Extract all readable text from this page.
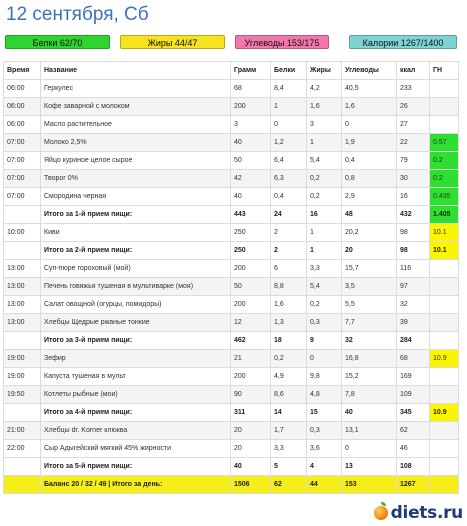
12 сентября, Сб
Белки 62/70	Жиры 44/47	Углеводы 153/175	Калории 1267/1400
Время	Название	Грамм	Белки	Жиры	Углеводы	ккал	ГН
06:00	Геркулес	68	8,4	4,2	40,5	233	
06:00	Кофе заварной с молоком	200	1	1,6	1,6	26	
06:00	Масло растительное	3	0	3	0	27	
07:00	Молоко 2,5%	40	1,2	1	1,9	22	0.57
07:00	Яйцо куриное целое сырое	50	6,4	5,4	0,4	79	0.2
07:00	Творог 0%	42	6,3	0,2	0,8	30	0.2
07:00	Смородина черная	40	0,4	0,2	2,9	16	0.435
	Итого за 1-й прием пищи:	443	24	16	48	432	1.405
10:00	Киви	250	2	1	20,2	98	10.1
	Итого за 2-й прием пищи:	250	2	1	20	98	10.1
13:00	Суп-пюре гороховый (мой)	200	6	3,3	15,7	116	
13:00	Печень говяжья тушеная в мультиварке (моя)	50	8,8	5,4	3,5	97	
13:00	Салат овощной (огурцы, помидоры)	200	1,6	0,2	5,5	32	
13:00	Хлебцы Щедрые ржаные тонкие	12	1,3	0,3	7,7	39	
	Итого за 3-й прием пищи:	462	18	9	32	284	
19:00	Зефир	21	0,2	0	16,8	68	10.9
19:00	Капуста тушеная в мульт	200	4,9	9,8	15,2	169	
19:50	Котлеты рыбные (мои)	90	8,6	4,8	7,8	109	
	Итого за 4-й прием пищи:	311	14	15	40	345	10.9
21:00	Хлебцы dr. Korner клюква	20	1,7	0,3	13,1	62	
22:00	Сыр Адыгейский мягкий 45% жирности	20	3,3	3,6	0	46	
	Итого за 5-й прием пищи:	40	5	4	13	108	
	Баланс 20 / 32 / 49 | Итого за день:	1506	62	44	153	1267	
diets.ru
